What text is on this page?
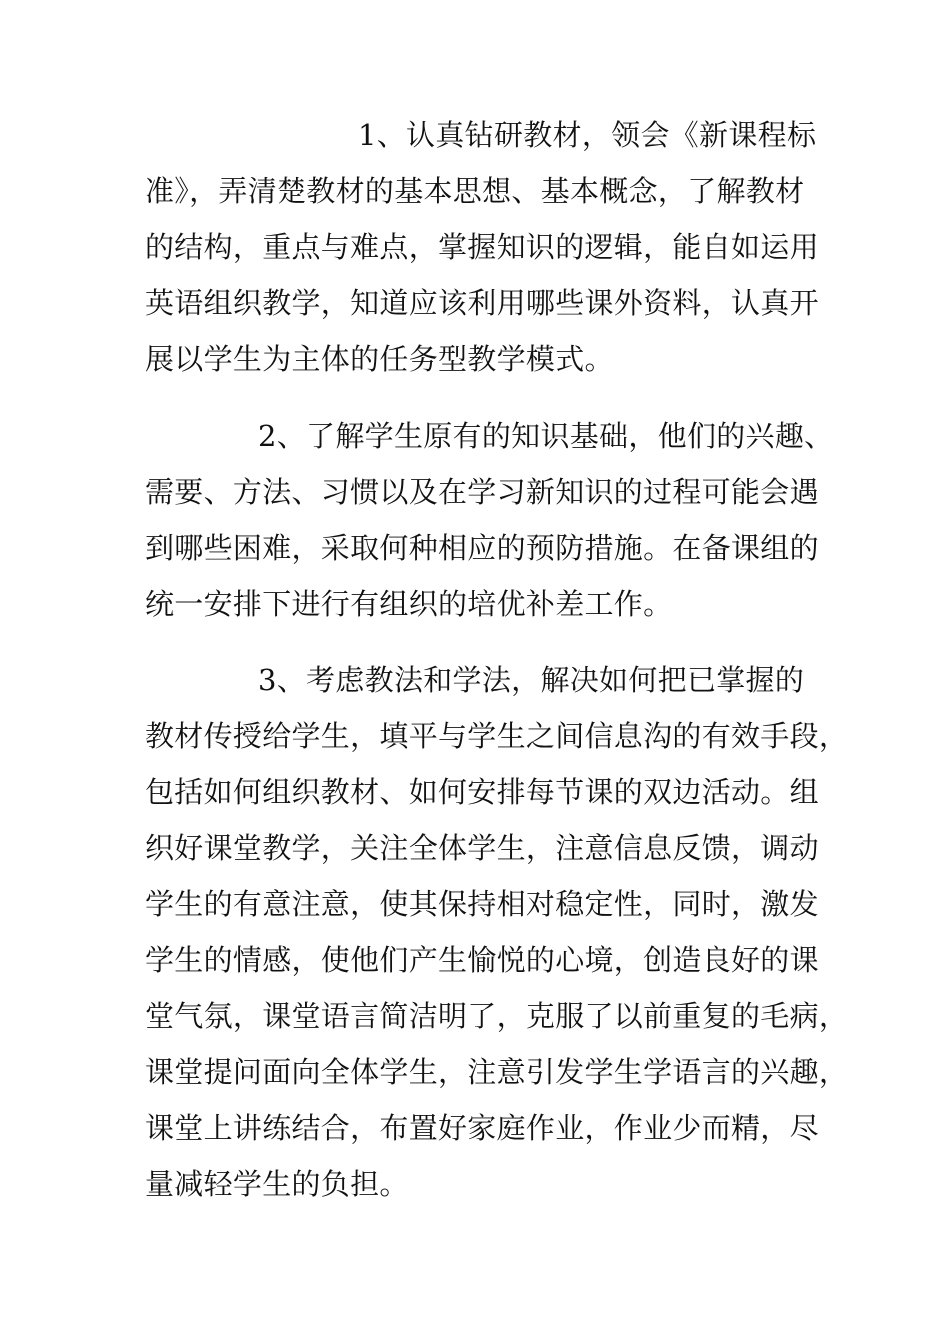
1、认真钻研教材，领会《新课程标

准》，弄清楚教材的基本思想、基本概念，了解教材

的结构，重点与难点，掌握知识的逻辑，能自如运用

英语组织教学，知道应该利用哪些课外资料，认真开

展以学生为主体的任务型教学模式。

2、了解学生原有的知识基础，他们的兴趣、

需要、方法、习惯以及在学习新知识的过程可能会遇

到哪些困难，采取何种相应的预防措施。在备课组的

统一安排下进行有组织的培优补差工作。

3、考虑教法和学法，解决如何把已掌握的

教材传授给学生，填平与学生之间信息沟的有效手段，

包括如何组织教材、如何安排每节课的双边活动。组

织好课堂教学，关注全体学生，注意信息反馈，调动

学生的有意注意，使其保持相对稳定性，同时，激发

学生的情感，使他们产生愉悦的心境，创造良好的课

堂气氛，课堂语言简洁明了，克服了以前重复的毛病，

课堂提问面向全体学生，注意引发学生学语言的兴趣，

课堂上讲练结合，布置好家庭作业，作业少而精，尽

量减轻学生的负担。
